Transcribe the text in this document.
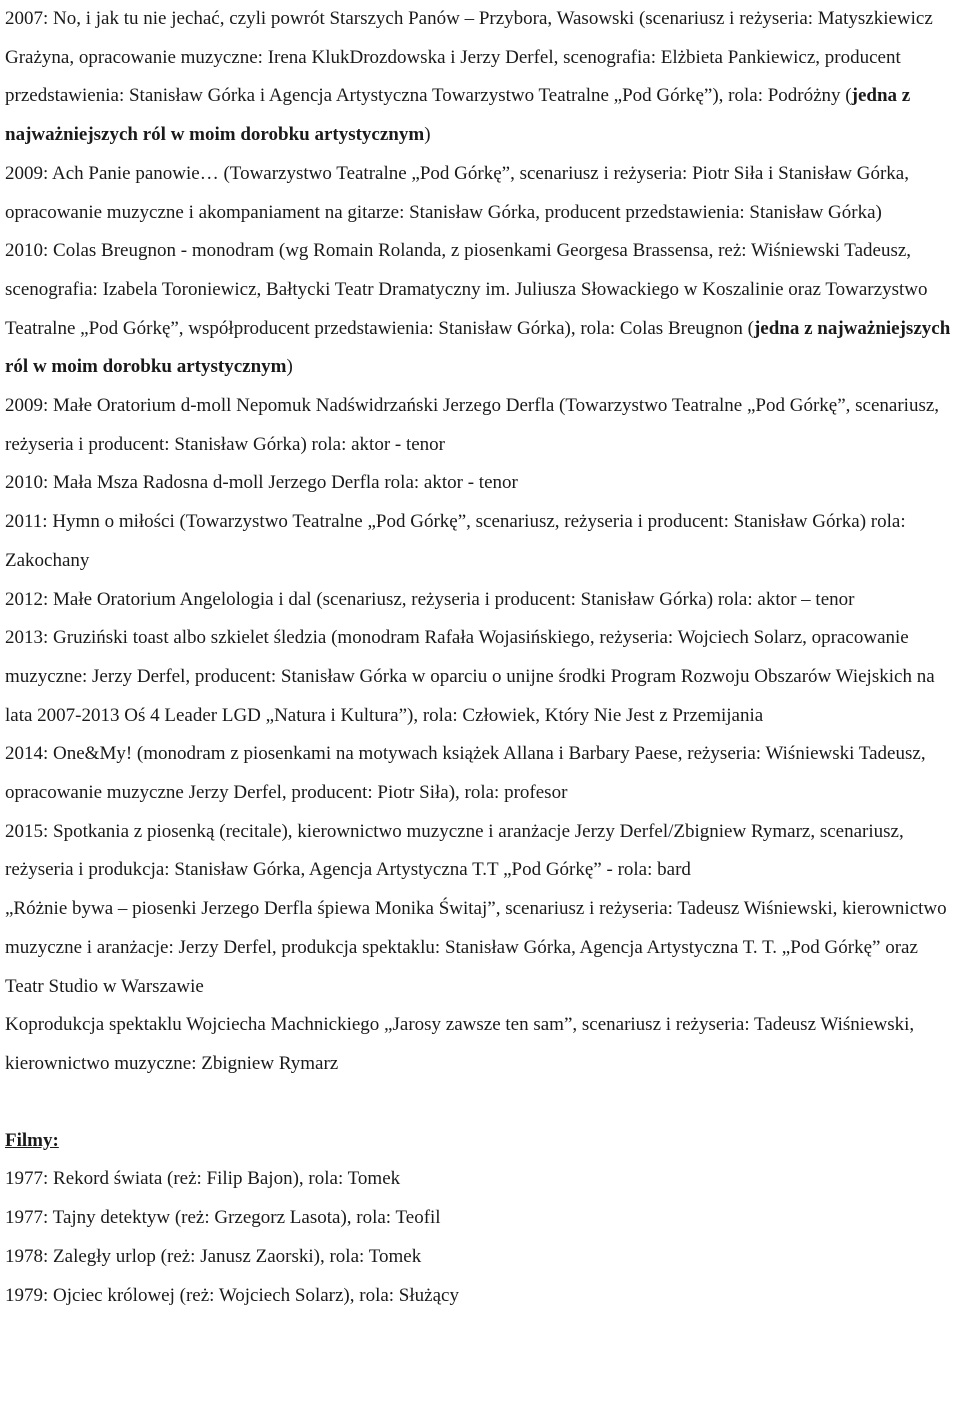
2007: No, i jak tu nie jechać, czyli powrót Starszych Panów – Przybora, Wasowski (scenariusz i reżyseria: Matyszkiewicz Grażyna, opracowanie muzyczne: Irena KlukDrozdowska i Jerzy Derfel, scenografia: Elżbieta Pankiewicz, producent przedstawienia: Stanisław Górka i Agencja Artystyczna Towarzystwo Teatralne „Pod Górkę”), rola: Podróżny (jedna z najważniejszych ról w moim dorobku artystycznym)

2009: Ach Panie panowie… (Towarzystwo Teatralne „Pod Górkę”, scenariusz i reżyseria: Piotr Siła i Stanisław Górka, opracowanie muzyczne i akompaniament na gitarze: Stanisław Górka, producent przedstawienia: Stanisław Górka)

2010: Colas Breugnon - monodram (wg Romain Rolanda, z piosenkami Georgesa Brassensa, reż: Wiśniewski Tadeusz, scenografia: Izabela Toroniewicz, Bałtycki Teatr Dramatyczny im. Juliusza Słowackiego w Koszalinie oraz Towarzystwo Teatralne „Pod Górkę”, współproducent przedstawienia: Stanisław Górka), rola: Colas Breugnon (jedna z najważniejszych ról w moim dorobku artystycznym)

2009: Małe Oratorium d-moll Nepomuk Nadświdrzański Jerzego Derfla (Towarzystwo Teatralne „Pod Górkę”, scenariusz, reżyseria i producent: Stanisław Górka) rola: aktor - tenor

2010: Mała Msza Radosna d-moll Jerzego Derfla rola: aktor - tenor

2011: Hymn o miłości (Towarzystwo Teatralne „Pod Górkę”, scenariusz, reżyseria i producent: Stanisław Górka) rola: Zakochany

2012: Małe Oratorium Angelologia i dal (scenariusz, reżyseria i producent: Stanisław Górka) rola: aktor – tenor

2013: Gruziński toast albo szkielet śledzia (monodram Rafała Wojasińskiego, reżyseria: Wojciech Solarz, opracowanie muzyczne: Jerzy Derfel, producent: Stanisław Górka w oparciu o unijne środki Program Rozwoju Obszarów Wiejskich na lata 2007-2013 Oś 4 Leader LGD „Natura i Kultura”), rola: Człowiek, Który Nie Jest z Przemijania

2014: One&My! (monodram z piosenkami na motywach książek Allana i Barbary Paese, reżyseria: Wiśniewski Tadeusz, opracowanie muzyczne Jerzy Derfel, producent: Piotr Siła), rola: profesor

2015: Spotkania z piosenką (recitale), kierownictwo muzyczne i aranżacje Jerzy Derfel/Zbigniew Rymarz, scenariusz, reżyseria i produkcja: Stanisław Górka, Agencja Artystyczna T.T „Pod Górkę” - rola: bard

„Różnie bywa – piosenki Jerzego Derfla śpiewa Monika Świtaj”, scenariusz i reżyseria: Tadeusz Wiśniewski, kierownictwo muzyczne i aranżacje: Jerzy Derfel, produkcja spektaklu: Stanisław Górka, Agencja Artystyczna T. T. „Pod Górkę” oraz Teatr Studio w Warszawie

Koprodukcja spektaklu Wojciecha Machnickiego „Jarosy zawsze ten sam”, scenariusz i reżyseria: Tadeusz Wiśniewski, kierownictwo muzyczne: Zbigniew Rymarz

Filmy:

1977: Rekord świata (reż: Filip Bajon), rola: Tomek

1977: Tajny detektyw (reż: Grzegorz Lasota), rola: Teofil

1978: Zaległy urlop (reż: Janusz Zaorski), rola: Tomek

1979: Ojciec królowej (reż: Wojciech Solarz), rola: Służący
